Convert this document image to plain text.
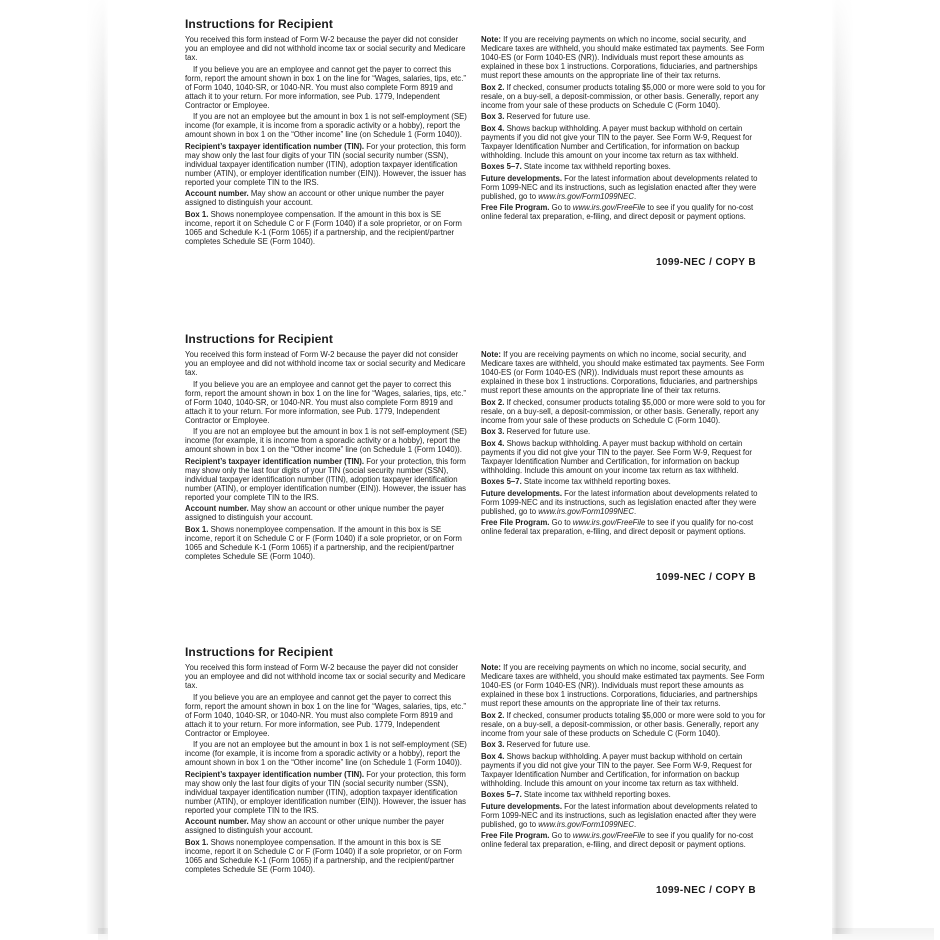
Instructions for Recipient

You received this form instead of Form W-2 because the payer did not consider you an employee and did not withhold income tax or social security and Medicare tax.

If you believe you are an employee and cannot get the payer to correct this form, report the amount shown in box 1 on the line for “Wages, salaries, tips, etc.” of Form 1040, 1040-SR, or 1040-NR. You must also complete Form 8919 and attach it to your return. For more information, see Pub. 1779, Independent Contractor or Employee.

If you are not an employee but the amount in box 1 is not self-employment (SE) income (for example, it is income from a sporadic activity or a hobby), report the amount shown in box 1 on the “Other income” line (on Schedule 1 (Form 1040)).

Recipient’s taxpayer identification number (TIN). For your protection, this form may show only the last four digits of your TIN (social security number (SSN), individual taxpayer identification number (ITIN), adoption taxpayer identification number (ATIN), or employer identification number (EIN)). However, the issuer has reported your complete TIN to the IRS.

Account number. May show an account or other unique number the payer assigned to distinguish your account.

Box 1. Shows nonemployee compensation. If the amount in this box is SE income, report it on Schedule C or F (Form 1040) if a sole proprietor, or on Form 1065 and Schedule K-1 (Form 1065) if a partnership, and the recipient/partner completes Schedule SE (Form 1040).

Note: If you are receiving payments on which no income, social security, and Medicare taxes are withheld, you should make estimated tax payments. See Form 1040-ES (or Form 1040-ES (NR)). Individuals must report these amounts as explained in these box 1 instructions. Corporations, fiduciaries, and partnerships must report these amounts on the appropriate line of their tax returns.

Box 2. If checked, consumer products totaling $5,000 or more were sold to you for resale, on a buy-sell, a deposit-commission, or other basis. Generally, report any income from your sale of these products on Schedule C (Form 1040).

Box 3. Reserved for future use.

Box 4. Shows backup withholding. A payer must backup withhold on certain payments if you did not give your TIN to the payer. See Form W-9, Request for Taxpayer Identification Number and Certification, for information on backup withholding. Include this amount on your income tax return as tax withheld.

Boxes 5–7. State income tax withheld reporting boxes.

Future developments. For the latest information about developments related to Form 1099-NEC and its instructions, such as legislation enacted after they were published, go to www.irs.gov/Form1099NEC.

Free File Program. Go to www.irs.gov/FreeFile to see if you qualify for no-cost online federal tax preparation, e-filing, and direct deposit or payment options.

1099-NEC / COPY B
Instructions for Recipient

You received this form instead of Form W-2 because the payer did not consider you an employee and did not withhold income tax or social security and Medicare tax.

If you believe you are an employee and cannot get the payer to correct this form, report the amount shown in box 1 on the line for “Wages, salaries, tips, etc.” of Form 1040, 1040-SR, or 1040-NR. You must also complete Form 8919 and attach it to your return. For more information, see Pub. 1779, Independent Contractor or Employee.

If you are not an employee but the amount in box 1 is not self-employment (SE) income (for example, it is income from a sporadic activity or a hobby), report the amount shown in box 1 on the “Other income” line (on Schedule 1 (Form 1040)).

Recipient’s taxpayer identification number (TIN). For your protection, this form may show only the last four digits of your TIN (social security number (SSN), individual taxpayer identification number (ITIN), adoption taxpayer identification number (ATIN), or employer identification number (EIN)). However, the issuer has reported your complete TIN to the IRS.

Account number. May show an account or other unique number the payer assigned to distinguish your account.

Box 1. Shows nonemployee compensation. If the amount in this box is SE income, report it on Schedule C or F (Form 1040) if a sole proprietor, or on Form 1065 and Schedule K-1 (Form 1065) if a partnership, and the recipient/partner completes Schedule SE (Form 1040).

Note: If you are receiving payments on which no income, social security, and Medicare taxes are withheld, you should make estimated tax payments. See Form 1040-ES (or Form 1040-ES (NR)). Individuals must report these amounts as explained in these box 1 instructions. Corporations, fiduciaries, and partnerships must report these amounts on the appropriate line of their tax returns.

Box 2. If checked, consumer products totaling $5,000 or more were sold to you for resale, on a buy-sell, a deposit-commission, or other basis. Generally, report any income from your sale of these products on Schedule C (Form 1040).

Box 3. Reserved for future use.

Box 4. Shows backup withholding. A payer must backup withhold on certain payments if you did not give your TIN to the payer. See Form W-9, Request for Taxpayer Identification Number and Certification, for information on backup withholding. Include this amount on your income tax return as tax withheld.

Boxes 5–7. State income tax withheld reporting boxes.

Future developments. For the latest information about developments related to Form 1099-NEC and its instructions, such as legislation enacted after they were published, go to www.irs.gov/Form1099NEC.

Free File Program. Go to www.irs.gov/FreeFile to see if you qualify for no-cost online federal tax preparation, e-filing, and direct deposit or payment options.

1099-NEC / COPY B
Instructions for Recipient

You received this form instead of Form W-2 because the payer did not consider you an employee and did not withhold income tax or social security and Medicare tax.

If you believe you are an employee and cannot get the payer to correct this form, report the amount shown in box 1 on the line for “Wages, salaries, tips, etc.” of Form 1040, 1040-SR, or 1040-NR. You must also complete Form 8919 and attach it to your return. For more information, see Pub. 1779, Independent Contractor or Employee.

If you are not an employee but the amount in box 1 is not self-employment (SE) income (for example, it is income from a sporadic activity or a hobby), report the amount shown in box 1 on the “Other income” line (on Schedule 1 (Form 1040)).

Recipient’s taxpayer identification number (TIN). For your protection, this form may show only the last four digits of your TIN (social security number (SSN), individual taxpayer identification number (ITIN), adoption taxpayer identification number (ATIN), or employer identification number (EIN)). However, the issuer has reported your complete TIN to the IRS.

Account number. May show an account or other unique number the payer assigned to distinguish your account.

Box 1. Shows nonemployee compensation. If the amount in this box is SE income, report it on Schedule C or F (Form 1040) if a sole proprietor, or on Form 1065 and Schedule K-1 (Form 1065) if a partnership, and the recipient/partner completes Schedule SE (Form 1040).

Note: If you are receiving payments on which no income, social security, and Medicare taxes are withheld, you should make estimated tax payments. See Form 1040-ES (or Form 1040-ES (NR)). Individuals must report these amounts as explained in these box 1 instructions. Corporations, fiduciaries, and partnerships must report these amounts on the appropriate line of their tax returns.

Box 2. If checked, consumer products totaling $5,000 or more were sold to you for resale, on a buy-sell, a deposit-commission, or other basis. Generally, report any income from your sale of these products on Schedule C (Form 1040).

Box 3. Reserved for future use.

Box 4. Shows backup withholding. A payer must backup withhold on certain payments if you did not give your TIN to the payer. See Form W-9, Request for Taxpayer Identification Number and Certification, for information on backup withholding. Include this amount on your income tax return as tax withheld.

Boxes 5–7. State income tax withheld reporting boxes.

Future developments. For the latest information about developments related to Form 1099-NEC and its instructions, such as legislation enacted after they were published, go to www.irs.gov/Form1099NEC.

Free File Program. Go to www.irs.gov/FreeFile to see if you qualify for no-cost online federal tax preparation, e-filing, and direct deposit or payment options.

1099-NEC / COPY B
